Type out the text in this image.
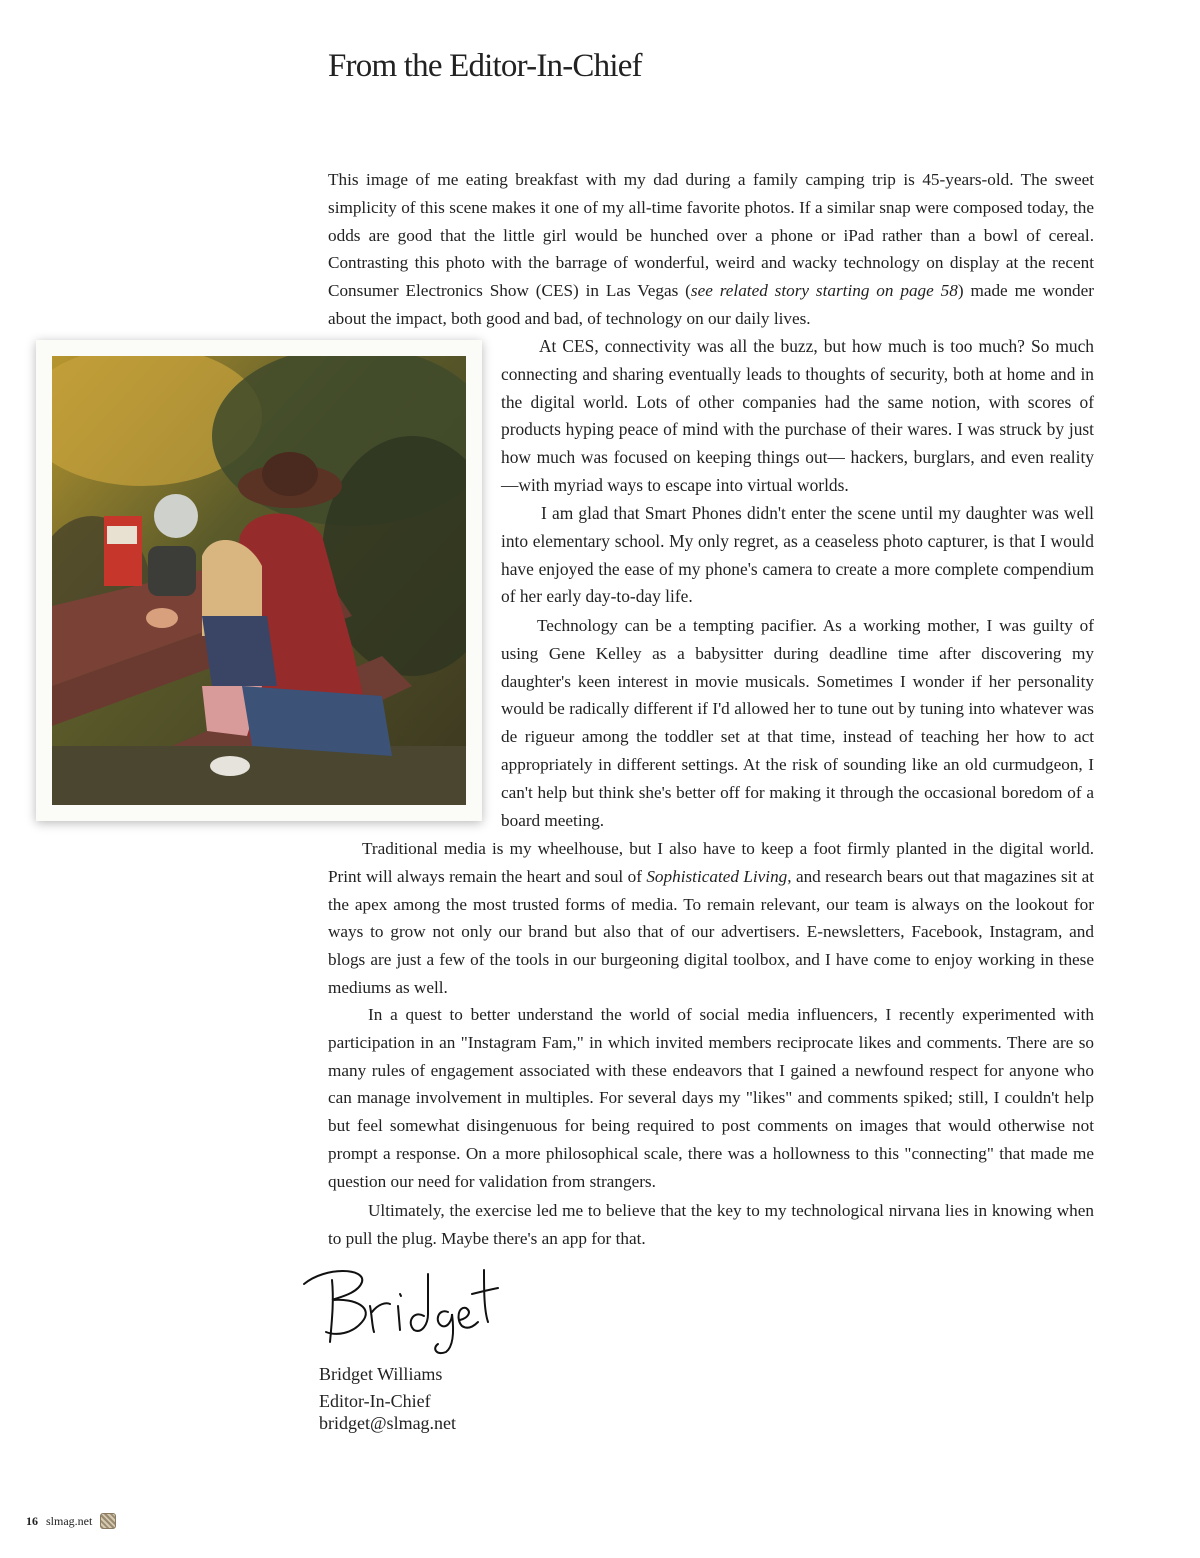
From the Editor-In-Chief

This image of me eating breakfast with my dad during a family camping trip is 45-years-old. The sweet simplicity of this scene makes it one of my all-time favorite photos. If a similar snap were composed today, the odds are good that the little girl would be hunched over a phone or iPad rather than a bowl of cereal. Contrasting this photo with the barrage of wonderful, weird and wacky technology on display at the recent Consumer Electronics Show (CES) in Las Vegas (see related story starting on page 58) made me wonder about the impact, both good and bad, of technology on our daily lives.

At CES, connectivity was all the buzz, but how much is too much? So much connecting and sharing eventually leads to thoughts of security, both at home and in the digital world. Lots of other companies had the same notion, with scores of products hyping peace of mind with the purchase of their wares. I was struck by just how much was focused on keeping things out— hackers, burglars, and even reality—with myriad ways to escape into virtual worlds.

I am glad that Smart Phones didn't enter the scene until my daughter was well into elementary school. My only regret, as a ceaseless photo capturer, is that I would have enjoyed the ease of my phone's camera to create a more complete compendium of her early day-to-day life.

Technology can be a tempting pacifier. As a working mother, I was guilty of using Gene Kelley as a babysitter during deadline time after discovering my daughter's keen interest in movie musicals. Sometimes I wonder if her personality would be radically different if I'd allowed her to tune out by tuning into whatever was de rigueur among the toddler set at that time, instead of teaching her how to act appropriately in different settings. At the risk of sounding like an old curmudgeon, I can't help but think she's better off for making it through the occasional boredom of a board meeting.

Traditional media is my wheelhouse, but I also have to keep a foot firmly planted in the digital world. Print will always remain the heart and soul of Sophisticated Living, and research bears out that magazines sit at the apex among the most trusted forms of media. To remain relevant, our team is always on the lookout for ways to grow not only our brand but also that of our advertisers. E-newsletters, Facebook, Instagram, and blogs are just a few of the tools in our burgeoning digital toolbox, and I have come to enjoy working in these mediums as well.

In a quest to better understand the world of social media influencers, I recently experimented with participation in an "Instagram Fam," in which invited members reciprocate likes and comments. There are so many rules of engagement associated with these endeavors that I gained a newfound respect for anyone who can manage involvement in multiples. For several days my "likes" and comments spiked; still, I couldn't help but feel somewhat disingenuous for being required to post comments on images that would otherwise not prompt a response. On a more philosophical scale, there was a hollowness to this "connecting" that made me question our need for validation from strangers.

Ultimately, the exercise led me to believe that the key to my technological nirvana lies in knowing when to pull the plug. Maybe there's an app for that.

Bridget Williams

Editor-In-Chief

bridget@slmag.net

16 slmag.net
